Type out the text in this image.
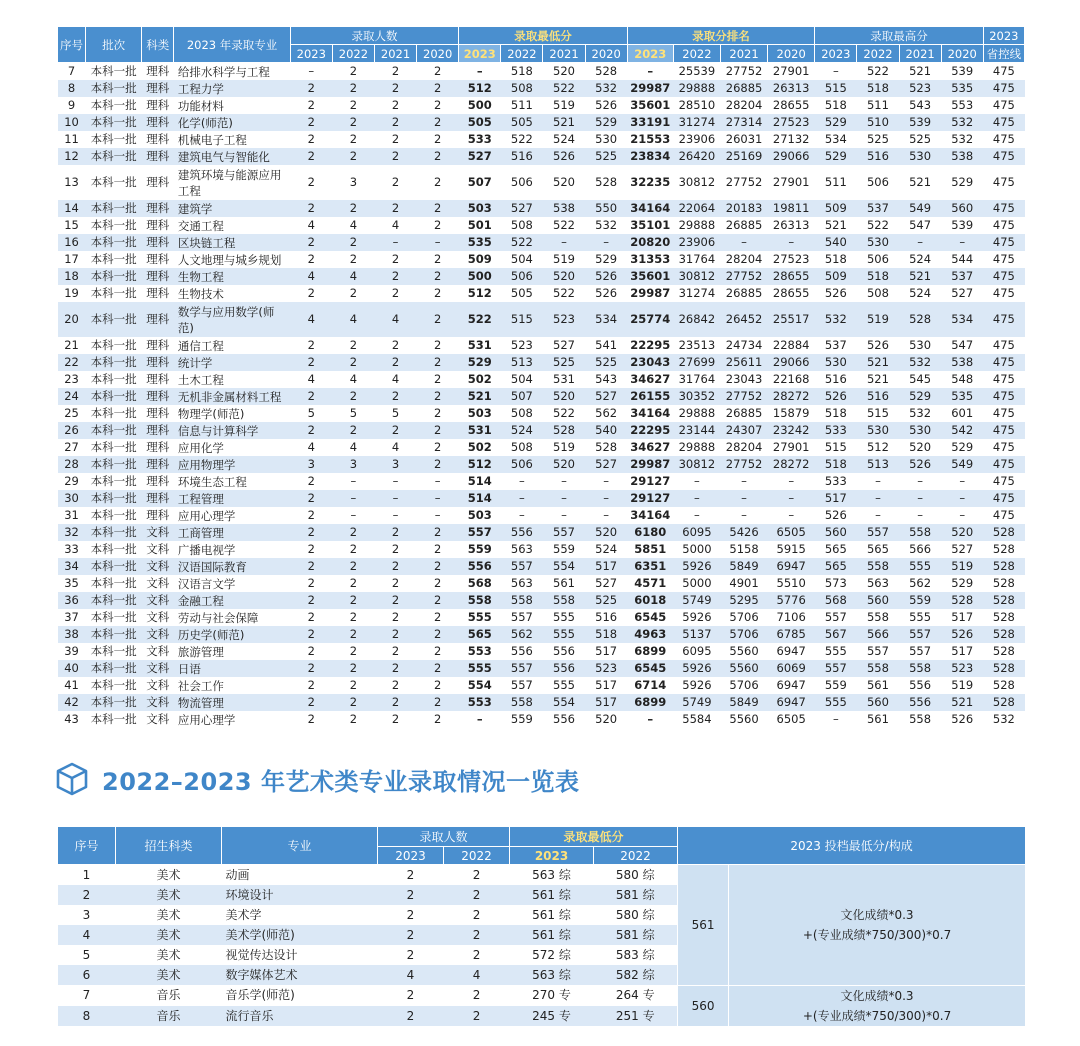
序号	批次	科类	2023 年录取专业	录取人数				录取最低分				录取分排名				录取最高分				2023
				2023	2022	2021	2020	2023	2022	2021	2020	2023	2022	2021	2020	2023	2022	2021	2020	省控线
7	本科一批	理科	给排水科学与工程	–	2	2	2	–	518	520	528	–	25539	27752	27901	–	522	521	539	475
8	本科一批	理科	工程力学	2	2	2	2	512	508	522	532	29987	29888	26885	26313	515	518	523	535	475
9	本科一批	理科	功能材料	2	2	2	2	500	511	519	526	35601	28510	28204	28655	518	511	543	553	475
10	本科一批	理科	化学(师范)	2	2	2	2	505	505	521	529	33191	31274	27314	27523	529	510	539	532	475
11	本科一批	理科	机械电子工程	2	2	2	2	533	522	524	530	21553	23906	26031	27132	534	525	525	532	475
12	本科一批	理科	建筑电气与智能化	2	2	2	2	527	516	526	525	23834	26420	25169	29066	529	516	530	538	475
13	本科一批	理科	建筑环境与能源应用工程	2	3	2	2	507	506	520	528	32235	30812	27752	27901	511	506	521	529	475
14	本科一批	理科	建筑学	2	2	2	2	503	527	538	550	34164	22064	20183	19811	509	537	549	560	475
15	本科一批	理科	交通工程	4	4	4	2	501	508	522	532	35101	29888	26885	26313	521	522	547	539	475
16	本科一批	理科	区块链工程	2	2	–	–	535	522	–	–	20820	23906	–	–	540	530	–	–	475
17	本科一批	理科	人文地理与城乡规划	2	2	2	2	509	504	519	529	31353	31764	28204	27523	518	506	524	544	475
18	本科一批	理科	生物工程	4	4	2	2	500	506	520	526	35601	30812	27752	28655	509	518	521	537	475
19	本科一批	理科	生物技术	2	2	2	2	512	505	522	526	29987	31274	26885	28655	526	508	524	527	475
20	本科一批	理科	数学与应用数学(师范)	4	4	4	2	522	515	523	534	25774	26842	26452	25517	532	519	528	534	475
21	本科一批	理科	通信工程	2	2	2	2	531	523	527	541	22295	23513	24734	22884	537	526	530	547	475
22	本科一批	理科	统计学	2	2	2	2	529	513	525	525	23043	27699	25611	29066	530	521	532	538	475
23	本科一批	理科	土木工程	4	4	4	2	502	504	531	543	34627	31764	23043	22168	516	521	545	548	475
24	本科一批	理科	无机非金属材料工程	2	2	2	2	521	507	520	527	26155	30352	27752	28272	526	516	529	535	475
25	本科一批	理科	物理学(师范)	5	5	5	2	503	508	522	562	34164	29888	26885	15879	518	515	532	601	475
26	本科一批	理科	信息与计算科学	2	2	2	2	531	524	528	540	22295	23144	24307	23242	533	530	530	542	475
27	本科一批	理科	应用化学	4	4	4	2	502	508	519	528	34627	29888	28204	27901	515	512	520	529	475
28	本科一批	理科	应用物理学	3	3	3	2	512	506	520	527	29987	30812	27752	28272	518	513	526	549	475
29	本科一批	理科	环境生态工程	2	–	–	–	514	–	–	–	29127	–	–	–	533	–	–	–	475
30	本科一批	理科	工程管理	2	–	–	–	514	–	–	–	29127	–	–	–	517	–	–	–	475
31	本科一批	理科	应用心理学	2	–	–	–	503	–	–	–	34164	–	–	–	526	–	–	–	475
32	本科一批	文科	工商管理	2	2	2	2	557	556	557	520	6180	6095	5426	6505	560	557	558	520	528
33	本科一批	文科	广播电视学	2	2	2	2	559	563	559	524	5851	5000	5158	5915	565	565	566	527	528
34	本科一批	文科	汉语国际教育	2	2	2	2	556	557	554	517	6351	5926	5849	6947	565	558	555	519	528
35	本科一批	文科	汉语言文学	2	2	2	2	568	563	561	527	4571	5000	4901	5510	573	563	562	529	528
36	本科一批	文科	金融工程	2	2	2	2	558	558	558	525	6018	5749	5295	5776	568	560	559	528	528
37	本科一批	文科	劳动与社会保障	2	2	2	2	555	557	555	516	6545	5926	5706	7106	557	558	555	517	528
38	本科一批	文科	历史学(师范)	2	2	2	2	565	562	555	518	4963	5137	5706	6785	567	566	557	526	528
39	本科一批	文科	旅游管理	2	2	2	2	553	556	556	517	6899	6095	5560	6947	555	557	557	517	528
40	本科一批	文科	日语	2	2	2	2	555	557	556	523	6545	5926	5560	6069	557	558	558	523	528
41	本科一批	文科	社会工作	2	2	2	2	554	557	555	517	6714	5926	5706	6947	559	561	556	519	528
42	本科一批	文科	物流管理	2	2	2	2	553	558	554	517	6899	5749	5849	6947	555	560	556	521	528
43	本科一批	文科	应用心理学	2	2	2	2	–	559	556	520	–	5584	5560	6505	–	561	558	526	532
2022–2023 年艺术类专业录取情况一览表
序号	招生科类	专业	录取人数		录取最低分		2023 投档最低分/构成	
			2023	2022	2023	2022		
1	美术	动画	2	2	563 综	580 综	561	文化成绩*0.3
+(专业成绩*750/300)*0.7

2	美术	环境设计	2	2	561 综	581 综		
3	美术	美术学	2	2	561 综	580 综		
4	美术	美术学(师范)	2	2	561 综	581 综		
5	美术	视觉传达设计	2	2	572 综	583 综		
6	美术	数字媒体艺术	4	4	563 综	582 综		
7	音乐	音乐学(师范)	2	2	270 专	264 专	560	文化成绩*0.3
+(专业成绩*750/300)*0.7

8	音乐	流行音乐	2	2	245 专	251 专		
